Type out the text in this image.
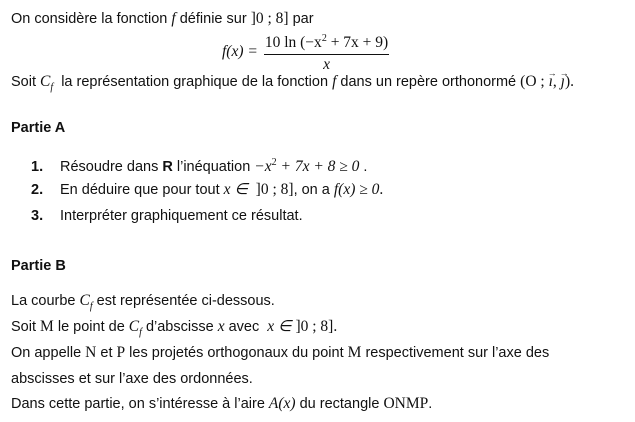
On considère la fonction f définie sur ]0 ; 8] par
$f(x) = \frac{10 \ln (-x^2 + 7x + 9)}{x}$
Soit $C_f$  la représentation graphique de la fonction f dans un repère orthonormé (O ; → ı, → ȷ).
Partie A
1. Résoudre dans R l’inéquation $-x^2 + 7x + 8 \ge 0$ .
2. En déduire que pour tout x ∈  ]0 ; 8], on a f(x) ≥ 0.
3. Interpréter graphiquement ce résultat.
Partie B
La courbe $C_f$ est représentée ci-dessous.
Soit M le point de $C_f$ d’abscisse x avec  x ∈ ]0 ; 8].
On appelle N et P les projetés orthogonaux du point M respectivement sur l’axe des
abscisses et sur l’axe des ordonnées.
Dans cette partie, on s’intéresse à l’aire A(x) du rectangle ONMP.
